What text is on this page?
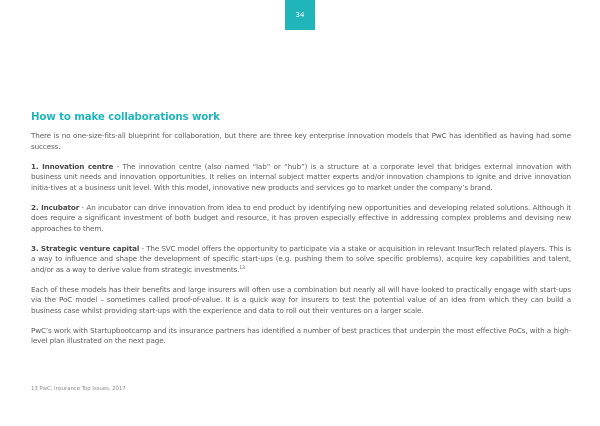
34
How to make collaborations work

There is no one-size-fits-all blueprint for collaboration, but there are three key enterprise innovation models that PwC has identified as having had some success.

1. Innovation centre - The innovation centre (also named “lab” or “hub”) is a structure at a corporate level that bridges external innovation with business unit needs and innovation opportunities. It relies on internal subject matter experts and/or innovation champions to ignite and drive innovation initia-tives at a business unit level. With this model, innovative new products and services go to market under the company’s brand.

2. Incubator - An incubator can drive innovation from idea to end product by identifying new opportunities and developing related solutions. Although it does require a significant investment of both budget and resource, it has proven especially effective in addressing complex problems and devising new approaches to them.

3. Strategic venture capital - The SVC model offers the opportunity to participate via a stake or acquisition in relevant InsurTech related players. This is a way to influence and shape the development of specific start-ups (e.g. pushing them to solve specific problems), acquire key capabilities and talent, and/or as a way to derive value from strategic investments.$^{13}$

Each of these models has their benefits and large insurers will often use a combination but nearly all will have looked to practically engage with start-ups via the PoC model – sometimes called proof-of-value. It is a quick way for insurers to test the potential value of an idea from which they can build a business case whilst providing start-ups with the experience and data to roll out their ventures on a larger scale.

PwC’s work with Startupbootcamp and its insurance partners has identified a number of best practices that underpin the most effective PoCs, with a high-level plan illustrated on the next page.

13 PwC, Insurance Top Issues, 2017
